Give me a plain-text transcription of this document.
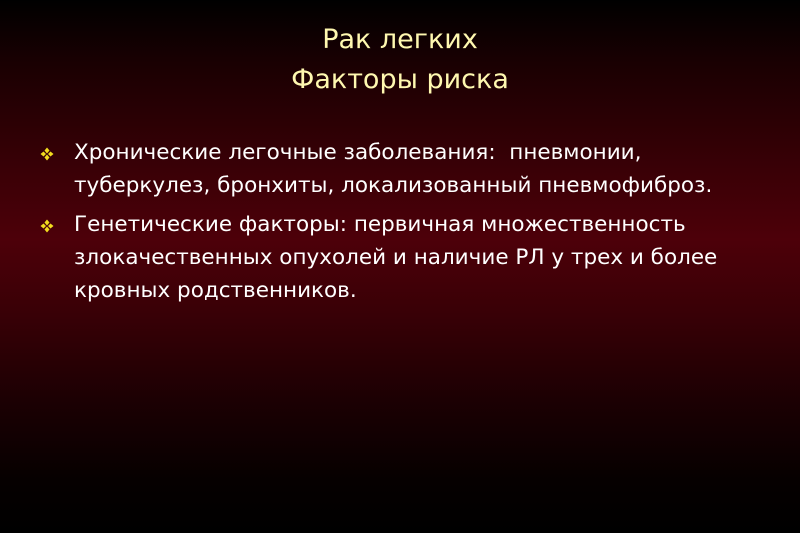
Рак легких
Факторы риска
Хронические легочные заболевания:  пневмонии, туберкулез, бронхиты, локализованный пневмофиброз.
Генетические факторы: первичная множественность злокачественных опухолей и наличие РЛ у трех и более кровных родственников.
